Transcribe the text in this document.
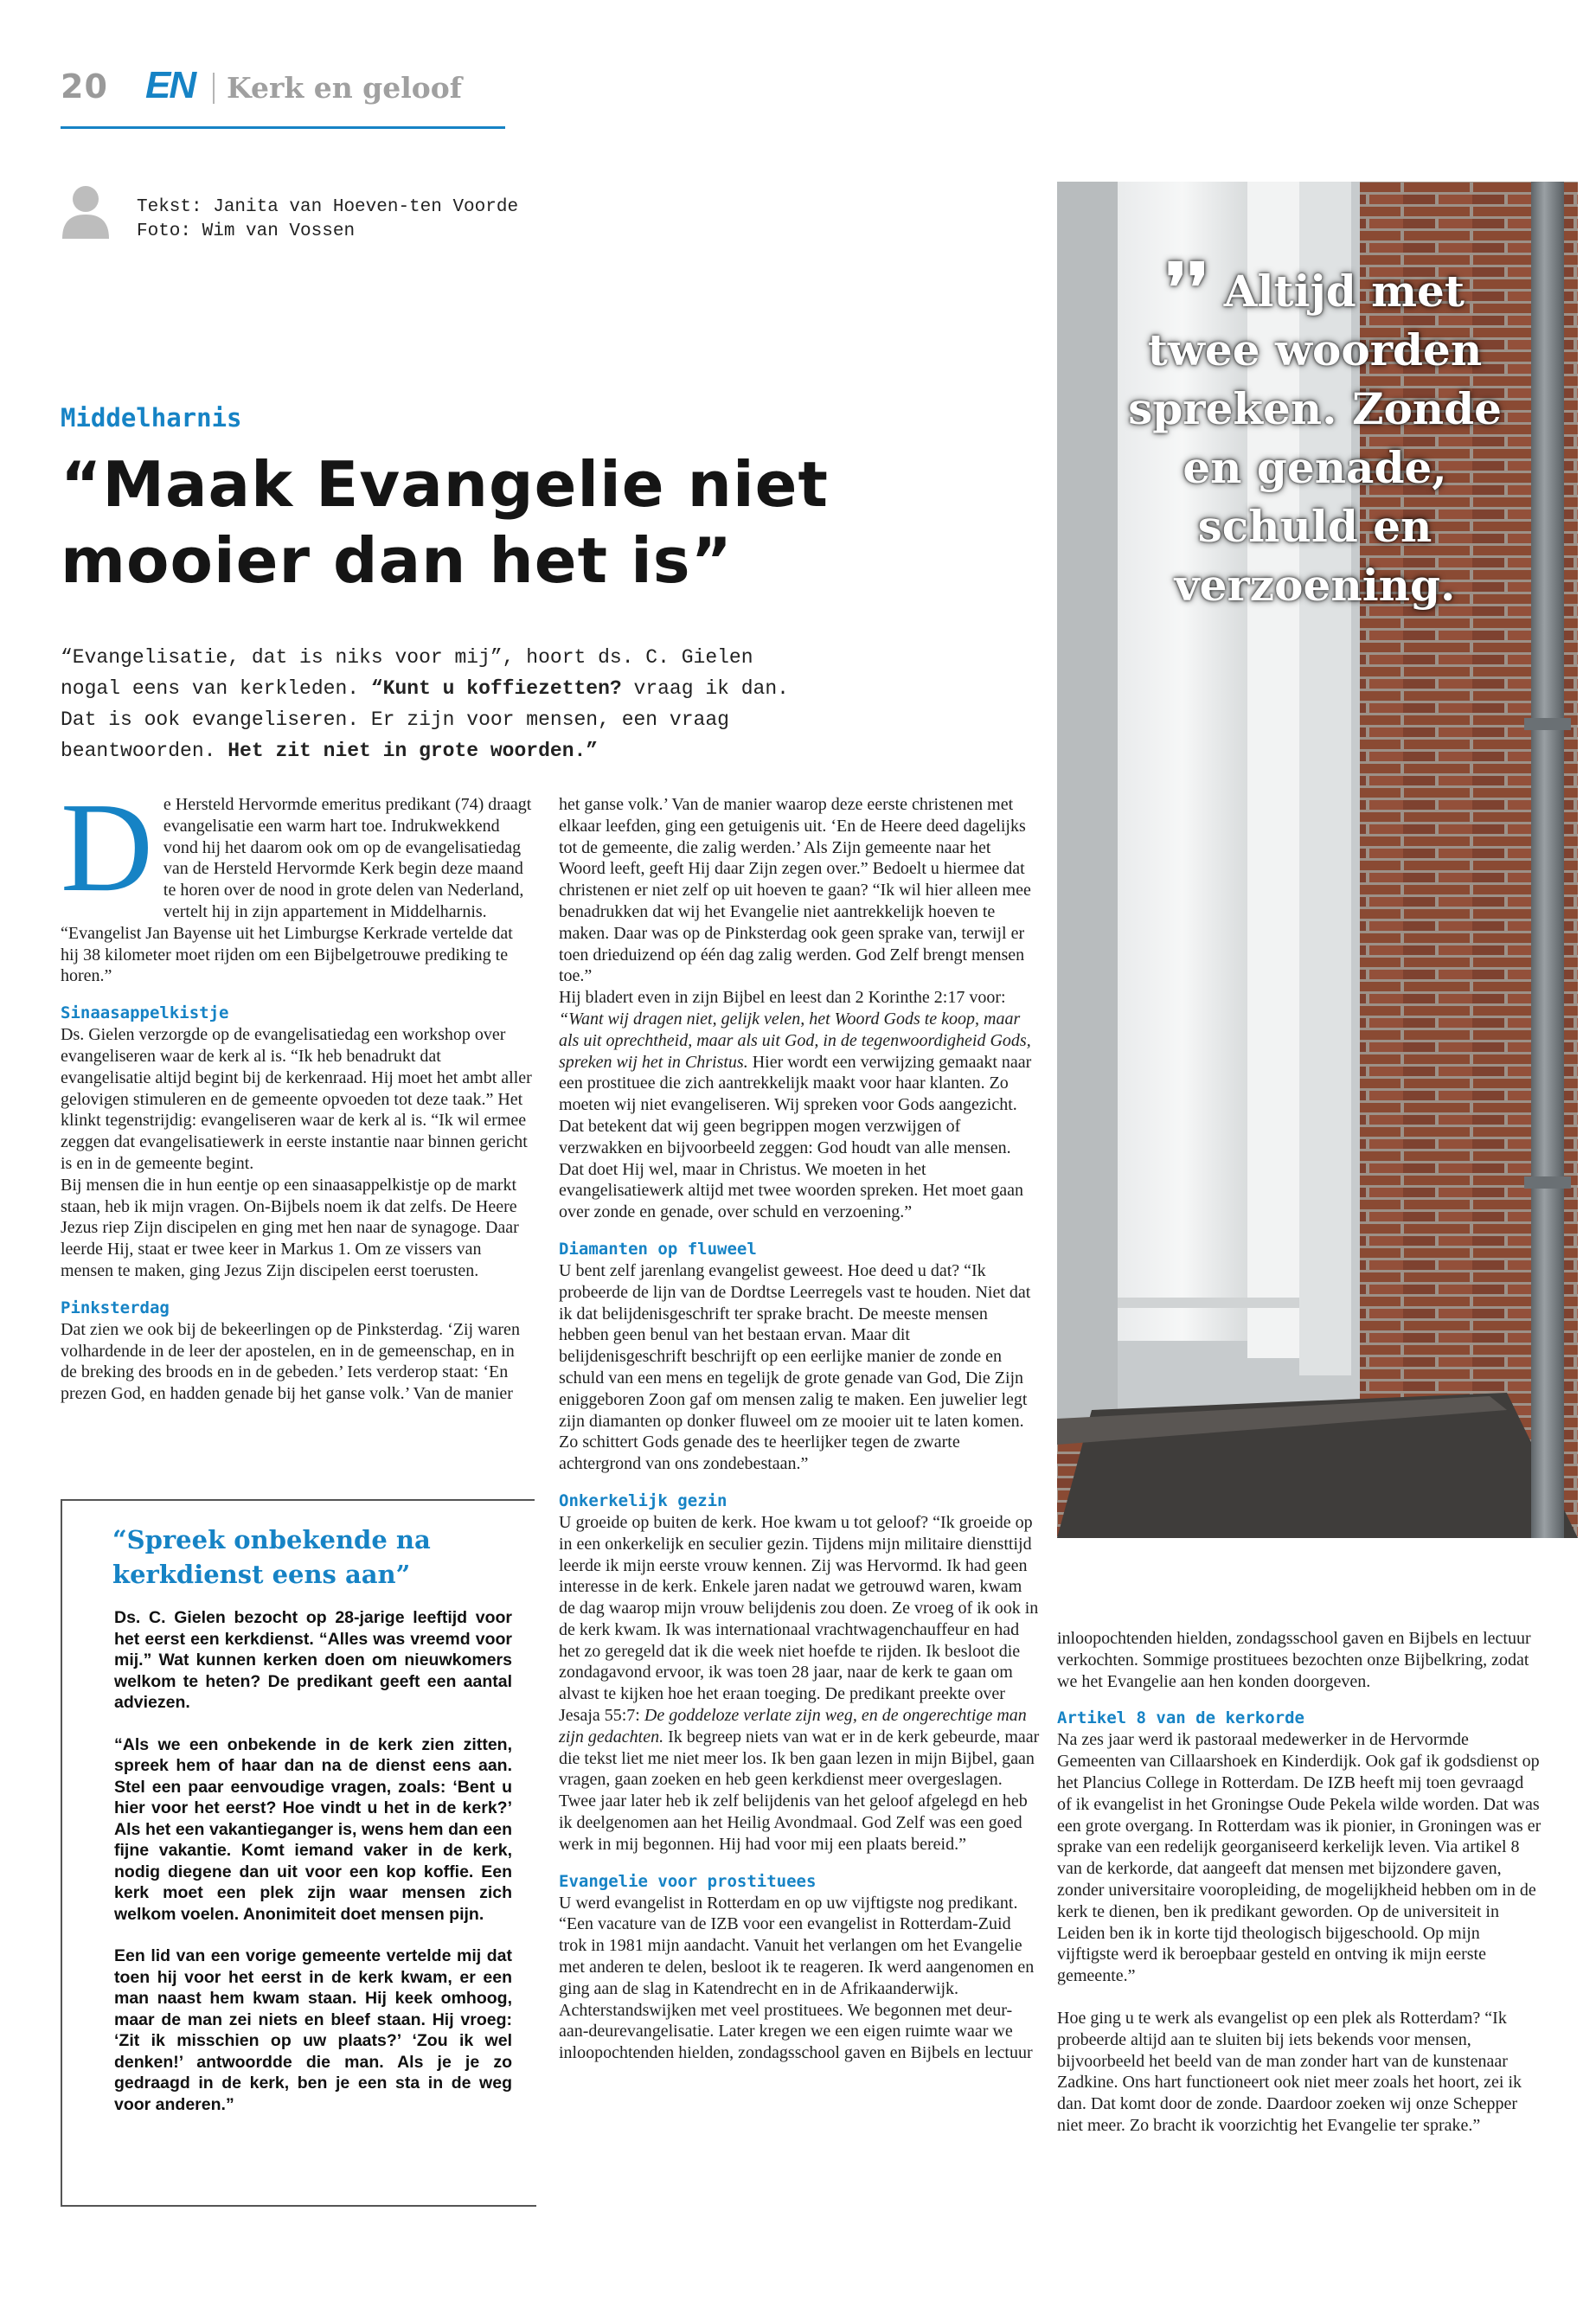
20 EN Kerk en geloof
Tekst: Janita van Hoeven-ten Voorde
Foto: Wim van Vossen
Middelharnis
“Maak Evangelie niet mooier dan het is”

“Evangelisatie, dat is niks voor mij”, hoort ds. C. Gielen nogal eens van kerkleden. “Kunt u koffiezetten? vraag ik dan. Dat is ook evangeliseren. Er zijn voor mensen, een vraag beantwoorden. Het zit niet in grote woorden.”

D e Hersteld Hervormde emeritus predikant (74) draagt evangelisatie een warm hart toe. Indrukwekkend vond hij het daarom ook om op de evangelisatiedag van de Hersteld Hervormde Kerk begin deze maand te horen over de nood in grote delen van Nederland, vertelt hij in zijn appartement in Middelharnis. “Evangelist Jan Bayense uit het Limburgse Kerkrade vertelde dat hij 38 kilometer moet rijden om een Bijbelgetrouwe prediking te horen.”

Sinaasappelkistje

Ds. Gielen verzorgde op de evangelisatiedag een workshop over evangeliseren waar de kerk al is. “Ik heb benadrukt dat evangelisatie altijd begint bij de kerkenraad. Hij moet het ambt aller gelovigen stimuleren en de gemeente opvoeden tot deze taak.” Het klinkt tegenstrijdig: evangeliseren waar de kerk al is. “Ik wil ermee zeggen dat evangelisatiewerk in eerste instantie naar binnen gericht is en in de gemeente begint.

Bij mensen die in hun eentje op een sinaasappelkistje op de markt staan, heb ik mijn vragen. On-Bijbels noem ik dat zelfs. De Heere Jezus riep Zijn discipelen en ging met hen naar de synagoge. Daar leerde Hij, staat er twee keer in Markus 1. Om ze vissers van mensen te maken, ging Jezus Zijn discipelen eerst toerusten.

Pinksterdag

Dat zien we ook bij de bekeerlingen op de Pinksterdag. ‘Zij waren volhardende in de leer der apostelen, en in de gemeenschap, en in de breking des broods en in de gebeden.’ Iets verderop staat: ‘En prezen God, en hadden genade bij het ganse volk.’ Van de manier

“Spreek onbekende na kerkdienst eens aan”

Ds. C. Gielen bezocht op 28-jarige leeftijd voor het eerst een kerkdienst. “Alles was vreemd voor mij.” Wat kunnen kerken doen om nieuwkomers welkom te heten? De predikant geeft een aantal adviezen.

“Als we een onbekende in de kerk zien zitten, spreek hem of haar dan na de dienst eens aan. Stel een paar eenvoudige vragen, zoals: ‘Bent u hier voor het eerst? Hoe vindt u het in de kerk?’ Als het een vakantieganger is, wens hem dan een fijne vakantie. Komt iemand vaker in de kerk, nodig diegene dan uit voor een kop koffie. Een kerk moet een plek zijn waar mensen zich welkom voelen. Anonimiteit doet mensen pijn.

Een lid van een vorige gemeente vertelde mij dat toen hij voor het eerst in de kerk kwam, er een man naast hem kwam staan. Hij keek omhoog, maar de man zei niets en bleef staan. Hij vroeg: ‘Zit ik misschien op uw plaats?’ ‘Zou ik wel denken!’ antwoordde die man. Als je je zo gedraagd in de kerk, ben je een sta in de weg voor anderen.”

het ganse volk.’ Van de manier waarop deze eerste christenen met elkaar leefden, ging een getuigenis uit. ‘En de Heere deed dagelijks tot de gemeente, die zalig werden.’ Als Zijn gemeente naar het Woord leeft, geeft Hij daar Zijn zegen over.” Bedoelt u hiermee dat christenen er niet zelf op uit hoeven te gaan? “Ik wil hier alleen mee benadrukken dat wij het Evangelie niet aantrekkelijk hoeven te maken. Daar was op de Pinksterdag ook geen sprake van, terwijl er toen drieduizend op één dag zalig werden. God Zelf brengt mensen toe.”

Hij bladert even in zijn Bijbel en leest dan 2 Korinthe 2:17 voor: “Want wij dragen niet, gelijk velen, het Woord Gods te koop, maar als uit oprechtheid, maar als uit God, in de tegenwoordigheid Gods, spreken wij het in Christus. Hier wordt een verwijzing gemaakt naar een prostituee die zich aantrekkelijk maakt voor haar klanten. Zo moeten wij niet evangeliseren. Wij spreken voor Gods aangezicht. Dat betekent dat wij geen begrippen mogen verzwijgen of verzwakken en bijvoorbeeld zeggen: God houdt van alle mensen. Dat doet Hij wel, maar in Christus. We moeten in het evangelisatiewerk altijd met twee woorden spreken. Het moet gaan over zonde en genade, over schuld en verzoening.”

Diamanten op fluweel

U bent zelf jarenlang evangelist geweest. Hoe deed u dat? “Ik probeerde de lijn van de Dordtse Leerregels vast te houden. Niet dat ik dat belijdenisgeschrift ter sprake bracht. De meeste mensen hebben geen benul van het bestaan ervan. Maar dit belijdenisgeschrift beschrijft op een eerlijke manier de zonde en schuld van een mens en tegelijk de grote genade van God, Die Zijn eniggeboren Zoon gaf om mensen zalig te maken. Een juwelier legt zijn diamanten op donker fluweel om ze mooier uit te laten komen. Zo schittert Gods genade des te heerlijker tegen de zwarte achtergrond van ons zondebestaan.”

Onkerkelijk gezin

U groeide op buiten de kerk. Hoe kwam u tot geloof? “Ik groeide op in een onkerkelijk en seculier gezin. Tijdens mijn militaire diensttijd leerde ik mijn eerste vrouw kennen. Zij was Hervormd. Ik had geen interesse in de kerk. Enkele jaren nadat we getrouwd waren, kwam de dag waarop mijn vrouw belijdenis zou doen. Ze vroeg of ik ook in de kerk kwam. Ik was internationaal vrachtwagenchauffeur en had het zo geregeld dat ik die week niet hoefde te rijden. Ik besloot die zondagavond ervoor, ik was toen 28 jaar, naar de kerk te gaan om alvast te kijken hoe het eraan toeging. De predikant preekte over Jesaja 55:7: De goddeloze verlate zijn weg, en de ongerechtige man zijn gedachten. Ik begreep niets van wat er in de kerk gebeurde, maar die tekst liet me niet meer los. Ik ben gaan lezen in mijn Bijbel, gaan vragen, gaan zoeken en heb geen kerkdienst meer overgeslagen. Twee jaar later heb ik zelf belijdenis van het geloof afgelegd en heb ik deelgenomen aan het Heilig Avondmaal. God Zelf was een goed werk in mij begonnen. Hij had voor mij een plaats bereid.”

Evangelie voor prostituees

U werd evangelist in Rotterdam en op uw vijftigste nog predikant. “Een vacature van de IZB voor een evangelist in Rotterdam-Zuid trok in 1981 mijn aandacht. Vanuit het verlangen om het Evangelie met anderen te delen, besloot ik te reageren. Ik werd aangenomen en ging aan de slag in Katendrecht en in de Afrikaanderwijk. Achterstandswijken met veel prostituees. We begonnen met deur-aan-deurevangelisatie. Later kregen we een eigen ruimte waar we inloopochtenden hielden, zondagsschool gaven en Bijbels en lectuur

❜❜ Altijd met twee woorden spreken. Zonde en genade, schuld en verzoening.

inloopochtenden hielden, zondagsschool gaven en Bijbels en lectuur verkochten. Sommige prostituees bezochten onze Bijbelkring, zodat we het Evangelie aan hen konden doorgeven.

Artikel 8 van de kerkorde

Na zes jaar werd ik pastoraal medewerker in de Hervormde Gemeenten van Cillaarshoek en Kinderdijk. Ook gaf ik godsdienst op het Plancius College in Rotterdam. De IZB heeft mij toen gevraagd of ik evangelist in het Groningse Oude Pekela wilde worden. Dat was een grote overgang. In Rotterdam was ik pionier, in Groningen was er sprake van een redelijk georganiseerd kerkelijk leven. Via artikel 8 van de kerkorde, dat aangeeft dat mensen met bijzondere gaven, zonder universitaire vooropleiding, de mogelijkheid hebben om in de kerk te dienen, ben ik predikant geworden. Op de universiteit in Leiden ben ik in korte tijd theologisch bijgeschoold. Op mijn vijftigste werd ik beroepbaar gesteld en ontving ik mijn eerste gemeente.”

Hoe ging u te werk als evangelist op een plek als Rotterdam? “Ik probeerde altijd aan te sluiten bij iets bekends voor mensen, bijvoorbeeld het beeld van de man zonder hart van de kunstenaar Zadkine. Ons hart functioneert ook niet meer zoals het hoort, zei ik dan. Dat komt door de zonde. Daardoor zoeken wij onze Schepper niet meer. Zo bracht ik voorzichtig het Evangelie ter sprake.”
